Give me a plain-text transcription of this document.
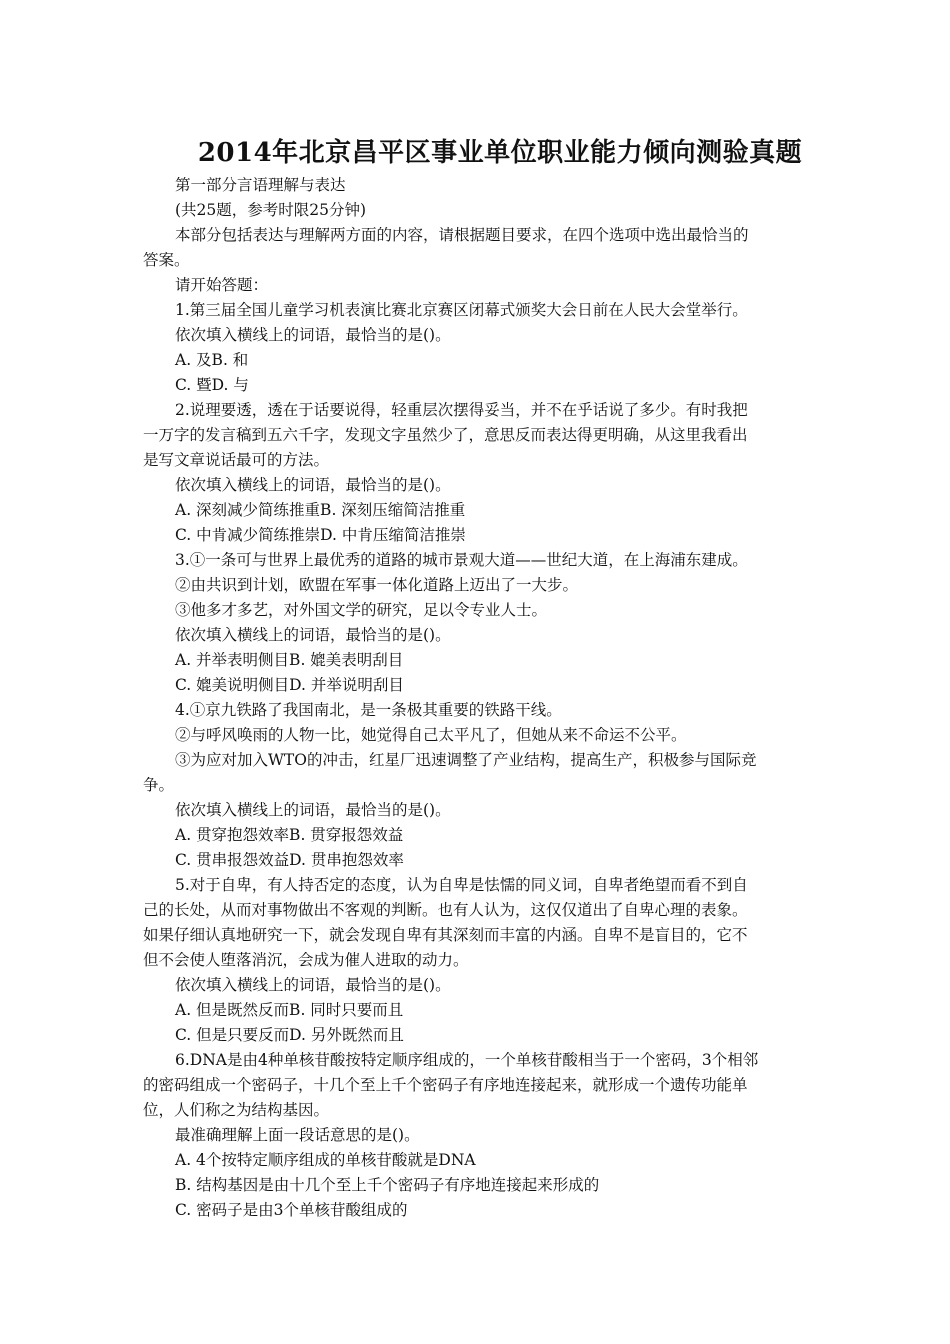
2014年北京昌平区事业单位职业能力倾向测验真题
第一部分言语理解与表达
(共25题，参考时限25分钟)
本部分包括表达与理解两方面的内容，请根据题目要求，在四个选项中选出最恰当的
答案。
请开始答题：
1.第三届全国儿童学习机表演比赛北京赛区闭幕式颁奖大会日前在人民大会堂举行。
依次填入横线上的词语，最恰当的是()。
A. 及B. 和
C. 暨D. 与
2.说理要透，透在于话要说得，轻重层次摆得妥当，并不在乎话说了多少。有时我把
一万字的发言稿到五六千字，发现文字虽然少了，意思反而表达得更明确，从这里我看出
是写文章说话最可的方法。
依次填入横线上的词语，最恰当的是()。
A. 深刻减少简练推重B. 深刻压缩简洁推重
C. 中肯减少简练推崇D. 中肯压缩简洁推崇
3.①一条可与世界上最优秀的道路的城市景观大道——世纪大道，在上海浦东建成。
②由共识到计划，欧盟在军事一体化道路上迈出了一大步。
③他多才多艺，对外国文学的研究，足以令专业人士。
依次填入横线上的词语，最恰当的是()。
A. 并举表明侧目B. 媲美表明刮目
C. 媲美说明侧目D. 并举说明刮目
4.①京九铁路了我国南北，是一条极其重要的铁路干线。
②与呼风唤雨的人物一比，她觉得自己太平凡了，但她从来不命运不公平。
③为应对加入WTO的冲击，红星厂迅速调整了产业结构，提高生产，积极参与国际竞
争。
依次填入横线上的词语，最恰当的是()。
A. 贯穿抱怨效率B. 贯穿报怨效益
C. 贯串报怨效益D. 贯串抱怨效率
5.对于自卑，有人持否定的态度，认为自卑是怯懦的同义词，自卑者绝望而看不到自
己的长处，从而对事物做出不客观的判断。也有人认为，这仅仅道出了自卑心理的表象。
如果仔细认真地研究一下，就会发现自卑有其深刻而丰富的内涵。自卑不是盲目的，它不
但不会使人堕落消沉，会成为催人进取的动力。
依次填入横线上的词语，最恰当的是()。
A. 但是既然反而B. 同时只要而且
C. 但是只要反而D. 另外既然而且
6.DNA是由4种单核苷酸按特定顺序组成的，一个单核苷酸相当于一个密码，3个相邻
的密码组成一个密码子，十几个至上千个密码子有序地连接起来，就形成一个遗传功能单
位，人们称之为结构基因。
最准确理解上面一段话意思的是()。
A. 4个按特定顺序组成的单核苷酸就是DNA
B. 结构基因是由十几个至上千个密码子有序地连接起来形成的
C. 密码子是由3个单核苷酸组成的
